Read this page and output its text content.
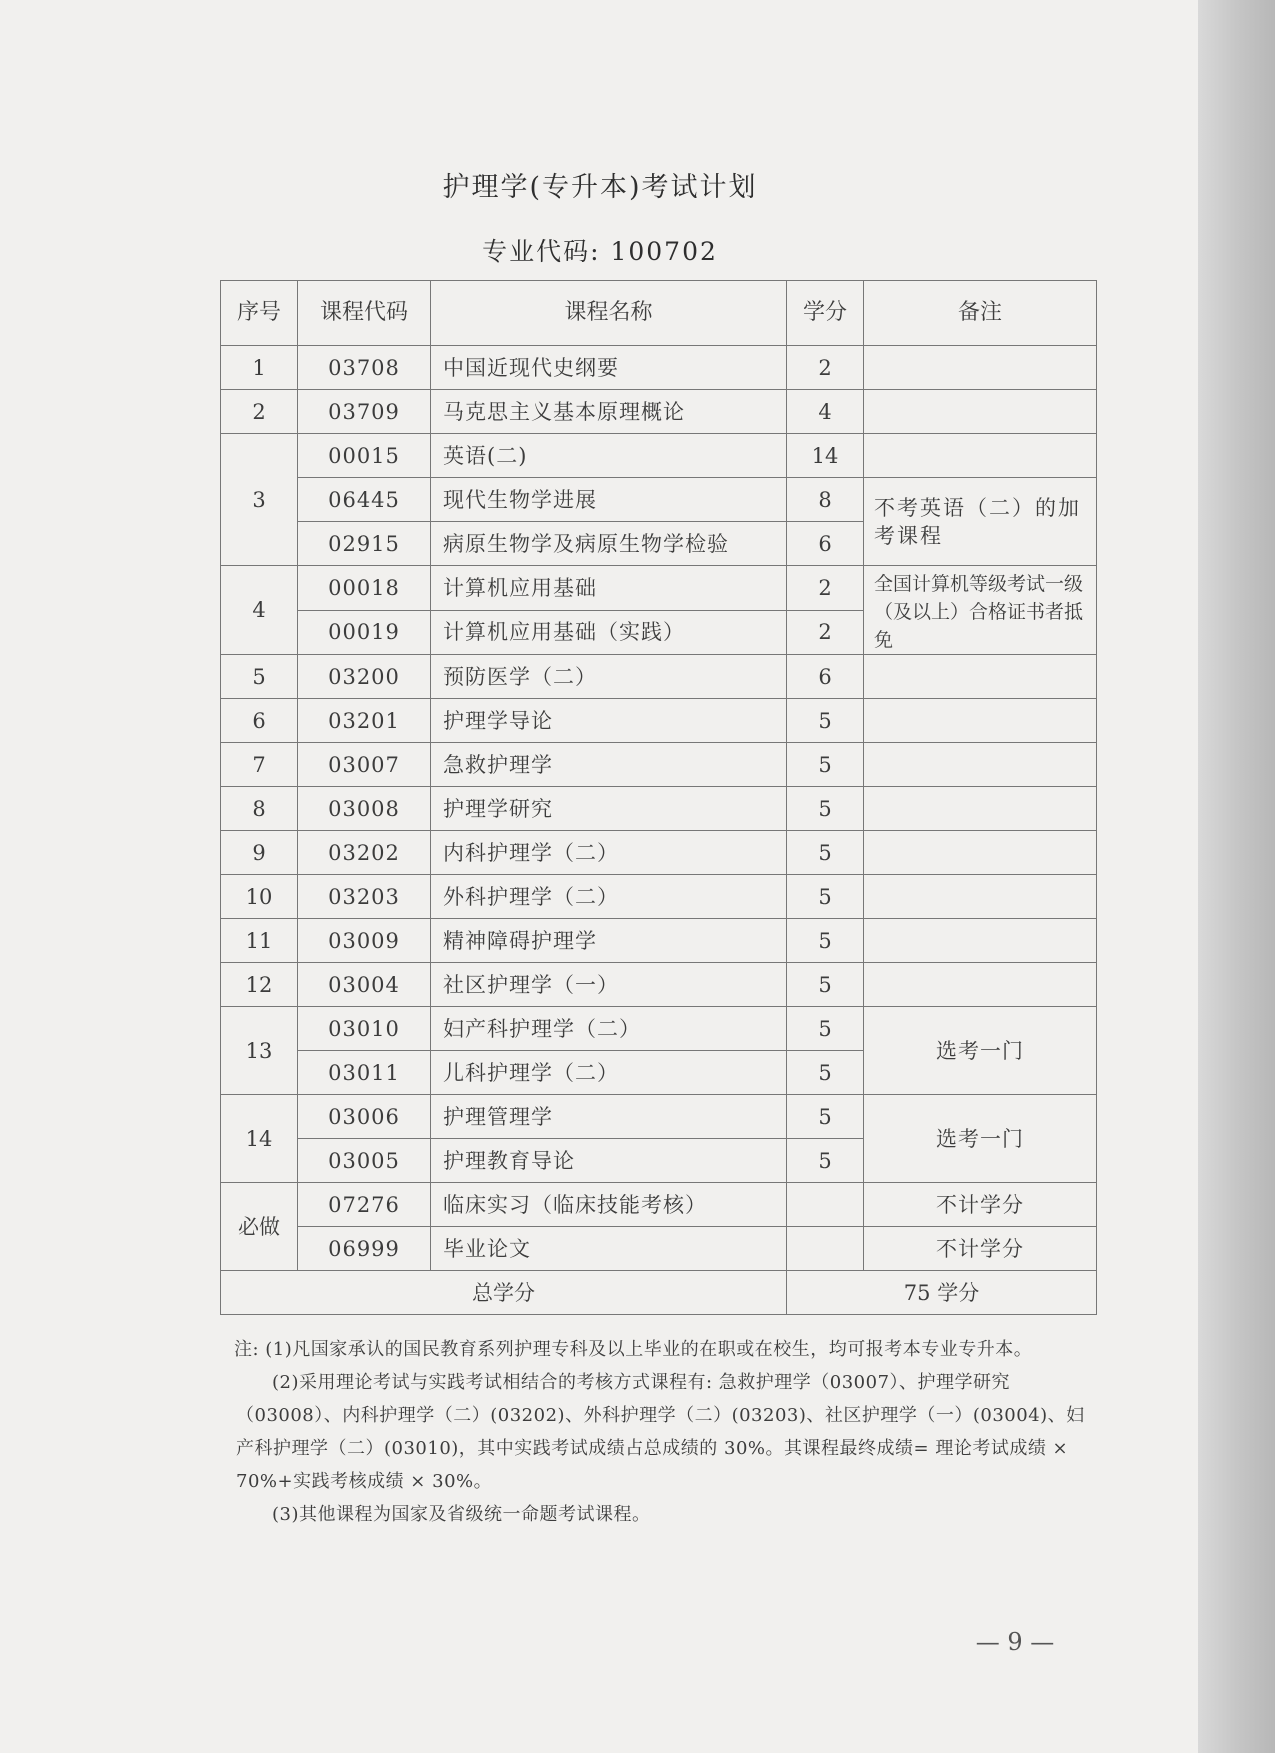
护理学(专升本)考试计划
专业代码: 100702
序号	课程代码	课程名称	学分	备注
1	03708	中国近现代史纲要	2	
2	03709	马克思主义基本原理概论	4	
3	00015	英语(二)	14	
	06445	现代生物学进展	8	不考英语（二）的加考课程
	02915	病原生物学及病原生物学检验	6	
4	00018	计算机应用基础	2	全国计算机等级考试一级（及以上）合格证书者抵免
	00019	计算机应用基础（实践）	2	
5	03200	预防医学（二）	6	
6	03201	护理学导论	5	
7	03007	急救护理学	5	
8	03008	护理学研究	5	
9	03202	内科护理学（二）	5	
10	03203	外科护理学（二）	5	
11	03009	精神障碍护理学	5	
12	03004	社区护理学（一）	5	
13	03010	妇产科护理学（二）	5	选考一门
	03011	儿科护理学（二）	5	
14	03006	护理管理学	5	选考一门
	03005	护理教育导论	5	
必做	07276	临床实习（临床技能考核）		不计学分
	06999	毕业论文		不计学分
总学分			75 学分	

注: (1)凡国家承认的国民教育系列护理专科及以上毕业的在职或在校生，均可报考本专业专升本。

(2)采用理论考试与实践考试相结合的考核方式课程有: 急救护理学（03007）、护理学研究（03008）、内科护理学（二）(03202)、外科护理学（二）(03203)、社区护理学（一）(03004)、妇产科护理学（二）(03010)，其中实践考试成绩占总成绩的 30%。其课程最终成绩= 理论考试成绩 × 70%+实践考核成绩 × 30%。

(3)其他课程为国家及省级统一命题考试课程。

— 9 —
